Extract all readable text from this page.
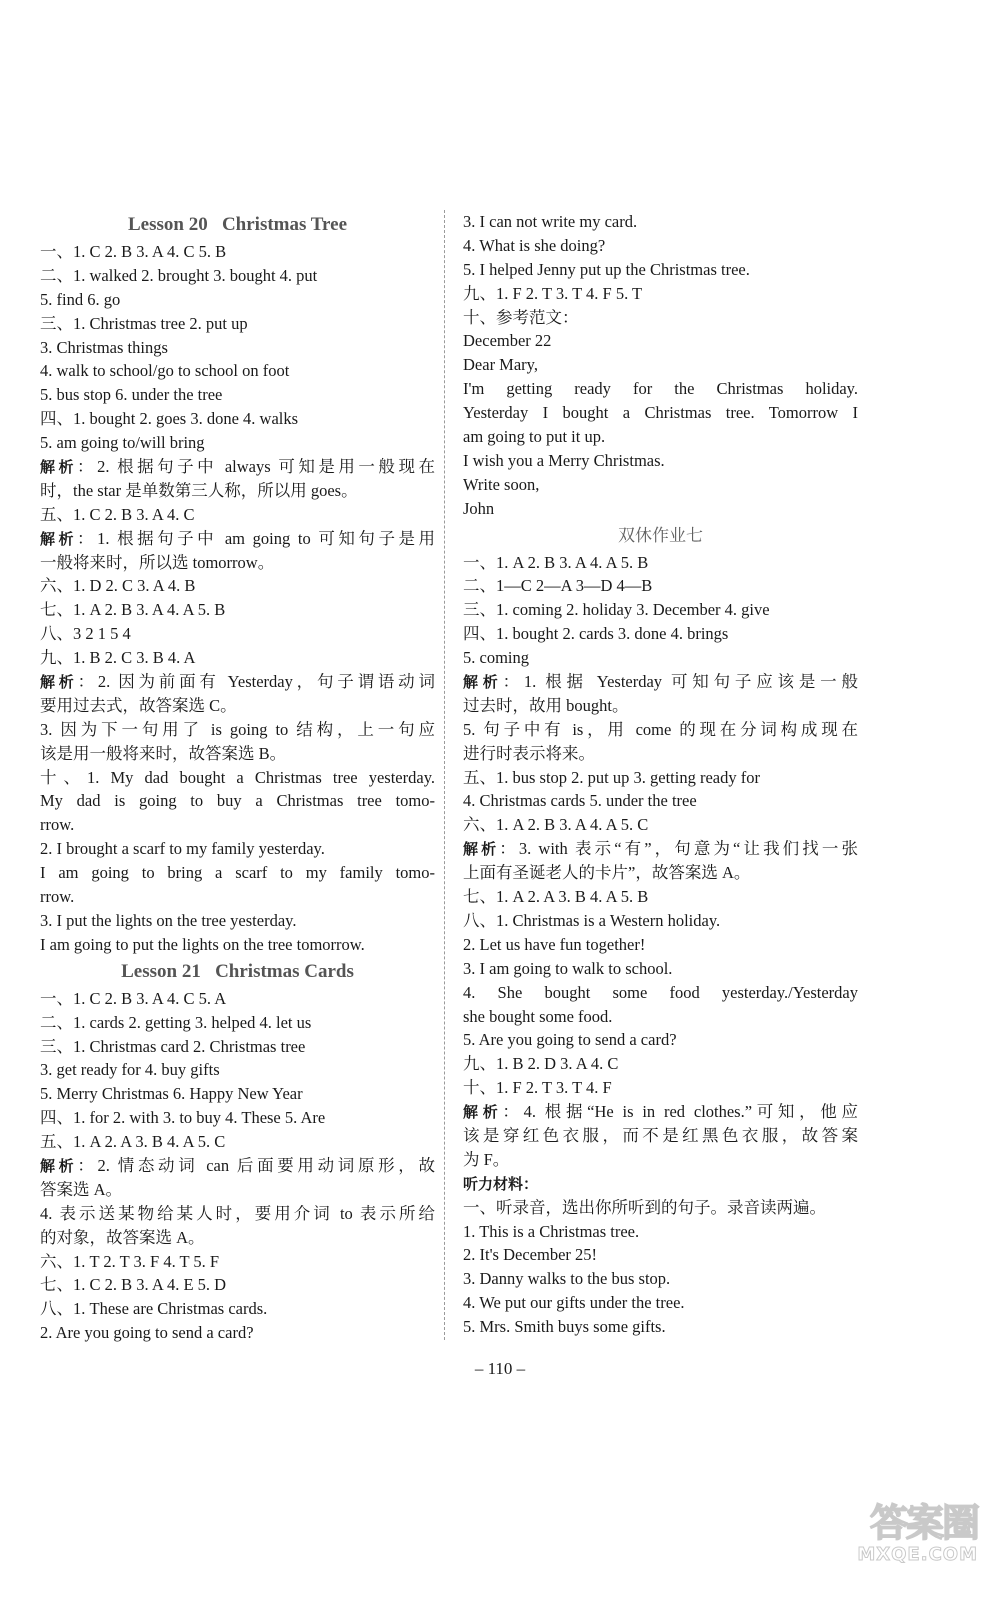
Lesson 20   Christmas Tree
一、1. C 2. B 3. A 4. C 5. B
二、1. walked 2. brought 3. bought 4. put
5. find 6. go
三、1. Christmas tree 2. put up
3. Christmas things
4. walk to school/go to school on foot
5. bus stop 6. under the tree
四、1. bought 2. goes 3. done 4. walks
5. am going to/will bring
解析：2. 根据句子中 always 可知是用一般现在
时，the star 是单数第三人称，所以用 goes。
五、1. C 2. B 3. A 4. C
解析：1. 根据句子中 am going to 可知句子是用
一般将来时，所以选 tomorrow。
六、1. D 2. C 3. A 4. B
七、1. A 2. B 3. A 4. A 5. B
八、3 2 1 5 4
九、1. B 2. C 3. B 4. A
解析：2. 因为前面有 Yesterday，句子谓语动词
要用过去式，故答案选 C。
3. 因为下一句用了 is going to 结构，上一句应
该是用一般将来时，故答案选 B。
十、1. My dad bought a Christmas tree yesterday.
My dad is going to buy a Christmas tree tomo-
rrow.
2. I brought a scarf to my family yesterday.
I am going to bring a scarf to my family tomo-
rrow.
3. I put the lights on the tree yesterday.
I am going to put the lights on the tree tomorrow.
Lesson 21   Christmas Cards
一、1. C 2. B 3. A 4. C 5. A
二、1. cards 2. getting 3. helped 4. let us
三、1. Christmas card 2. Christmas tree
3. get ready for 4. buy gifts
5. Merry Christmas 6. Happy New Year
四、1. for 2. with 3. to buy 4. These 5. Are
五、1. A 2. A 3. B 4. A 5. C
解析：2. 情态动词 can 后面要用动词原形，故
答案选 A。
4. 表示送某物给某人时，要用介词 to 表示所给
的对象，故答案选 A。
六、1. T 2. T 3. F 4. T 5. F
七、1. C 2. B 3. A 4. E 5. D
八、1. These are Christmas cards.
2. Are you going to send a card?
3. I can not write my card.
4. What is she doing?
5. I helped Jenny put up the Christmas tree.
九、1. F 2. T 3. T 4. F 5. T
十、参考范文：
December 22
Dear Mary,
I'm getting ready for the Christmas holiday.
Yesterday I bought a Christmas tree. Tomorrow I
am going to put it up.
I wish you a Merry Christmas.
Write soon,
John
双休作业七
一、1. A 2. B 3. A 4. A 5. B
二、1—C 2—A 3—D 4—B
三、1. coming 2. holiday 3. December 4. give
四、1. bought 2. cards 3. done 4. brings
5. coming
解析：1. 根据 Yesterday 可知句子应该是一般
过去时，故用 bought。
5. 句子中有 is，用 come 的现在分词构成现在
进行时表示将来。
五、1. bus stop 2. put up 3. getting ready for
4. Christmas cards 5. under the tree
六、1. A 2. B 3. A 4. A 5. C
解析：3. with 表示“有”，句意为“让我们找一张
上面有圣诞老人的卡片”，故答案选 A。
七、1. A 2. A 3. B 4. A 5. B
八、1. Christmas is a Western holiday.
2. Let us have fun together!
3. I am going to walk to school.
4. She bought some food yesterday./Yesterday
she bought some food.
5. Are you going to send a card?
九、1. B 2. D 3. A 4. C
十、1. F 2. T 3. T 4. F
解析：4. 根据“He is in red clothes.”可知，他应
该是穿红色衣服，而不是红黑色衣服，故答案
为 F。
听力材料：
一、听录音，选出你所听到的句子。录音读两遍。
1. This is a Christmas tree.
2. It's December 25!
3. Danny walks to the bus stop.
4. We put our gifts under the tree.
5. Mrs. Smith buys some gifts.
– 110 –
答案圈
MXQE.COM
